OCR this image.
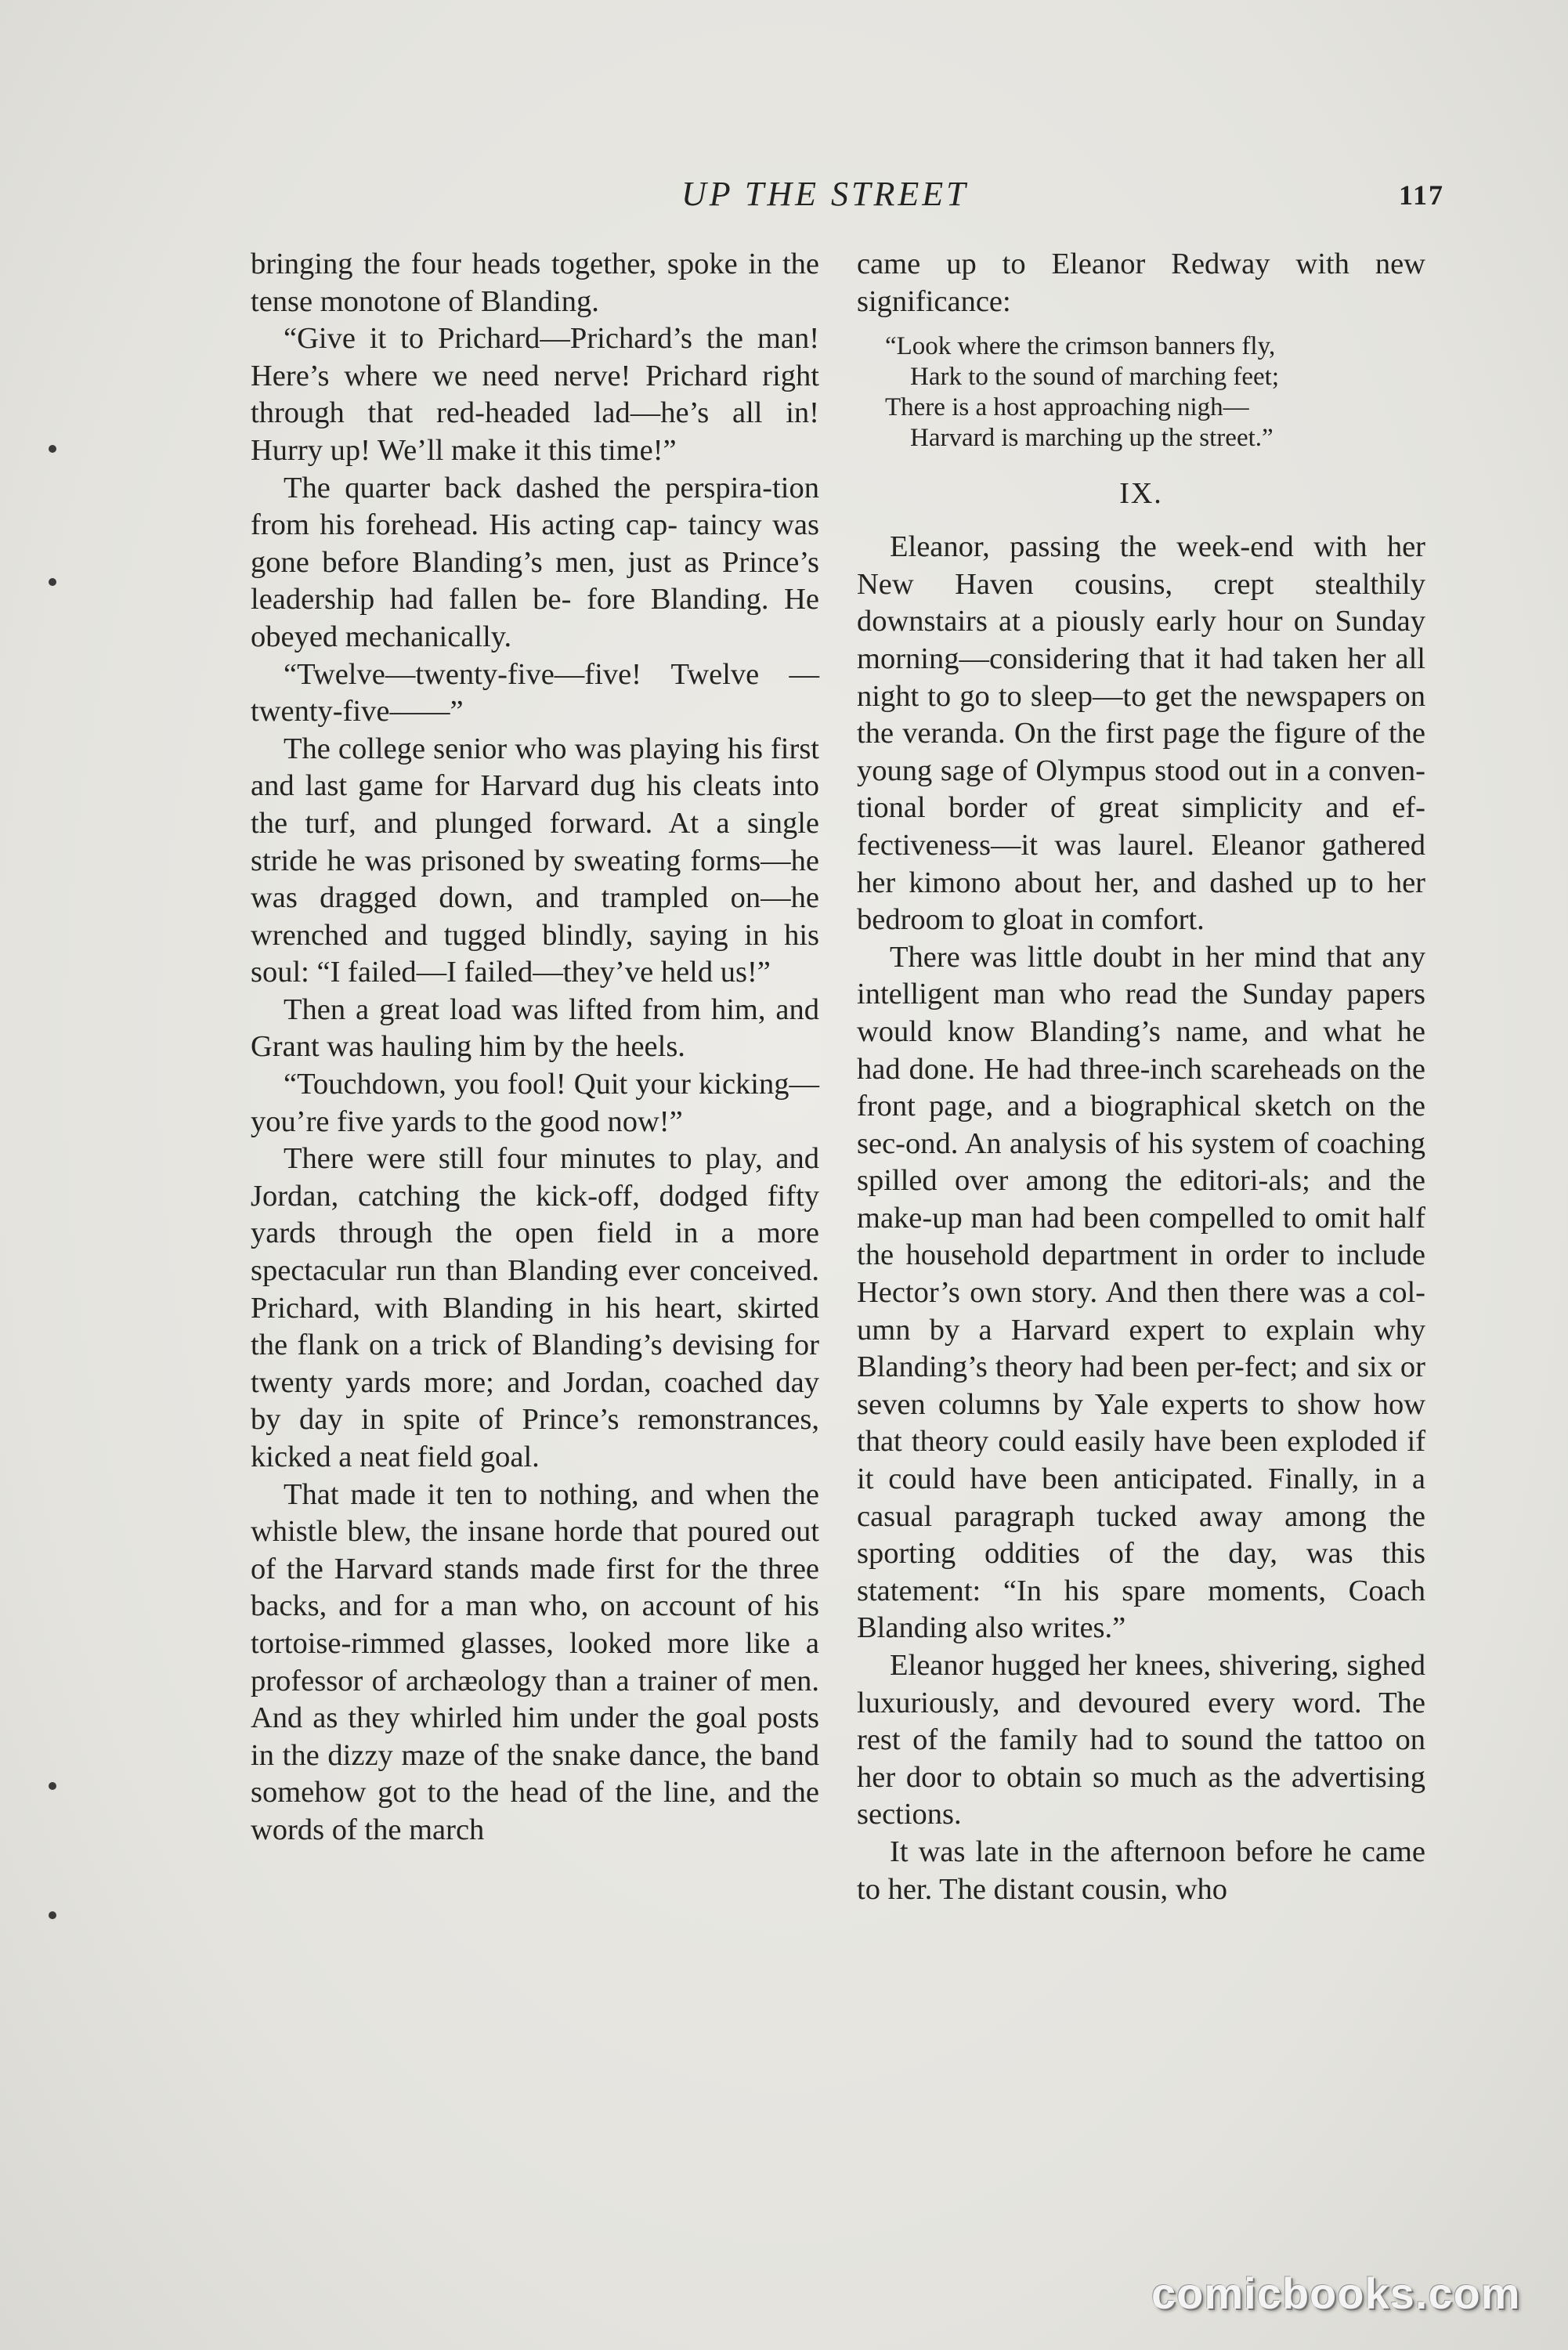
UP THE STREET	117

bringing the four heads together, spoke in the tense monotone of Blanding.

“Give it to Prichard—Prichard’s the man! Here’s where we need nerve! Prichard right through that red-headed lad—he’s all in! Hurry up! We’ll make it this time!”

The quarter back dashed the perspira-tion from his forehead. His acting cap- taincy was gone before Blanding’s men, just as Prince’s leadership had fallen be- fore Blanding. He obeyed mechanically.

“Twelve—twenty-five—five! Twelve —twenty-five——”

The college senior who was playing his first and last game for Harvard dug his cleats into the turf, and plunged forward. At a single stride he was prisoned by sweating forms—he was dragged down, and trampled on—he wrenched and tugged blindly, saying in his soul: “I failed—I failed—they’ve held us!”

Then a great load was lifted from him, and Grant was hauling him by the heels.

“Touchdown, you fool! Quit your kicking—you’re five yards to the good now!”

There were still four minutes to play, and Jordan, catching the kick-off, dodged fifty yards through the open field in a more spectacular run than Blanding ever conceived. Prichard, with Blanding in his heart, skirted the flank on a trick of Blanding’s devising for twenty yards more; and Jordan, coached day by day in spite of Prince’s remonstrances, kicked a neat field goal.

That made it ten to nothing, and when the whistle blew, the insane horde that poured out of the Harvard stands made first for the three backs, and for a man who, on account of his tortoise-rimmed glasses, looked more like a professor of archæology than a trainer of men. And as they whirled him under the goal posts in the dizzy maze of the snake dance, the band somehow got to the head of the line, and the words of the march

came up to Eleanor Redway with new significance:

“Look where the crimson banners fly,
Hark to the sound of marching feet;
There is a host approaching nigh—
Harvard is marching up the street.”
IX.

Eleanor, passing the week-end with her New Haven cousins, crept stealthily downstairs at a piously early hour on Sunday morning—considering that it had taken her all night to go to sleep—to get the newspapers on the veranda. On the first page the figure of the young sage of Olympus stood out in a conven-tional border of great simplicity and ef-fectiveness—it was laurel. Eleanor gathered her kimono about her, and dashed up to her bedroom to gloat in comfort.

There was little doubt in her mind that any intelligent man who read the Sunday papers would know Blanding’s name, and what he had done. He had three-inch scareheads on the front page, and a biographical sketch on the sec-ond. An analysis of his system of coaching spilled over among the editori-als; and the make-up man had been compelled to omit half the household department in order to include Hector’s own story. And then there was a col-umn by a Harvard expert to explain why Blanding’s theory had been per-fect; and six or seven columns by Yale experts to show how that theory could easily have been exploded if it could have been anticipated. Finally, in a casual paragraph tucked away among the sporting oddities of the day, was this statement: “In his spare moments, Coach Blanding also writes.”

Eleanor hugged her knees, shivering, sighed luxuriously, and devoured every word. The rest of the family had to sound the tattoo on her door to obtain so much as the advertising sections.

It was late in the afternoon before he came to her. The distant cousin, who

comicbooks.com
